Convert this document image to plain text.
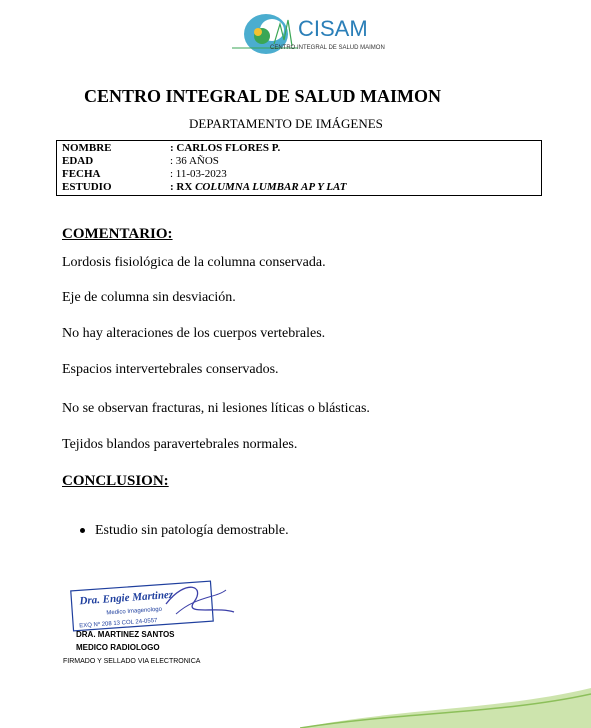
CISAM
CENTRO INTEGRAL DE SALUD MAIMON
CENTRO INTEGRAL DE SALUD MAIMON
DEPARTAMENTO DE IMÁGENES
NOMBRE	: CARLOS FLORES P.
EDAD	: 36 AÑOS
FECHA	: 11-03-2023
ESTUDIO	: RX COLUMNA LUMBAR AP Y LAT
COMENTARIO:
Lordosis fisiológica de la columna conservada.
Eje de columna sin desviación.
No hay alteraciones de los cuerpos vertebrales.
Espacios intervertebrales conservados.
No se observan fracturas, ni lesiones líticas o blásticas.
Tejidos blandos paravertebrales normales.
CONCLUSION:
Estudio sin patología demostrable.
Dra. Engie Martinez
Medico Imagenologo
EXQ Nº 208 13 COL 24-0557
DRA. MARTINEZ SANTOS
MEDICO RADIOLOGO
FIRMADO Y SELLADO VIA ELECTRONICA
